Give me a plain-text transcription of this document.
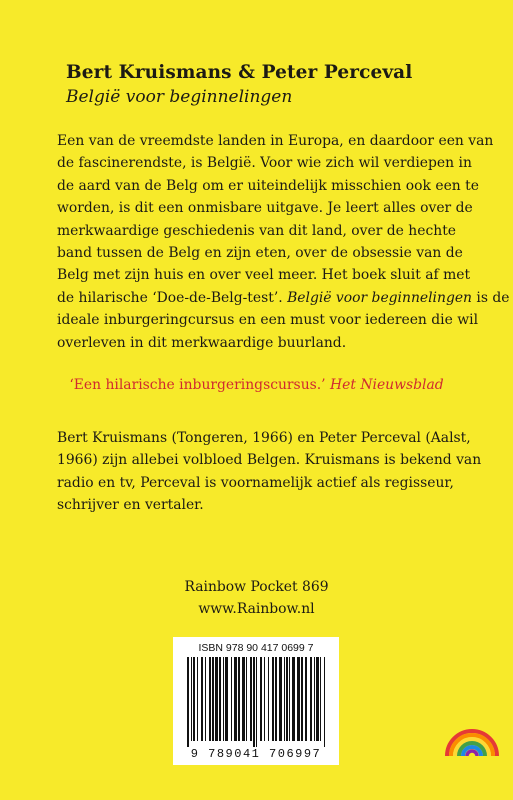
Bert Kruismans & Peter Perceval
België voor beginnelingen

Een van de vreemdste landen in Europa, en daardoor een van
de fascinerendste, is België. Voor wie zich wil verdiepen in
de aard van de Belg om er uiteindelijk misschien ook een te
worden, is dit een onmisbare uitgave. Je leert alles over de
merkwaardige geschiedenis van dit land, over de hechte
band tussen de Belg en zijn eten, over de obsessie van de
Belg met zijn huis en over veel meer. Het boek sluit af met
de hilarische ‘Doe-de-Belg-test’. België voor beginnelingen is de
ideale inburgeringcursus en een must voor iedereen die wil
overleven in dit merkwaardige buurland.

‘Een hilarische inburgeringscursus.’ Het Nieuwsblad

Bert Kruismans (Tongeren, 1966) en Peter Perceval (Aalst,
1966) zijn allebei volbloed Belgen. Kruismans is bekend van
radio en tv, Perceval is voornamelijk actief als regisseur,
schrijver en vertaler.

Rainbow Pocket 869
www.Rainbow.nl
ISBN 978 90 417 0699 7
9 789041 706997
